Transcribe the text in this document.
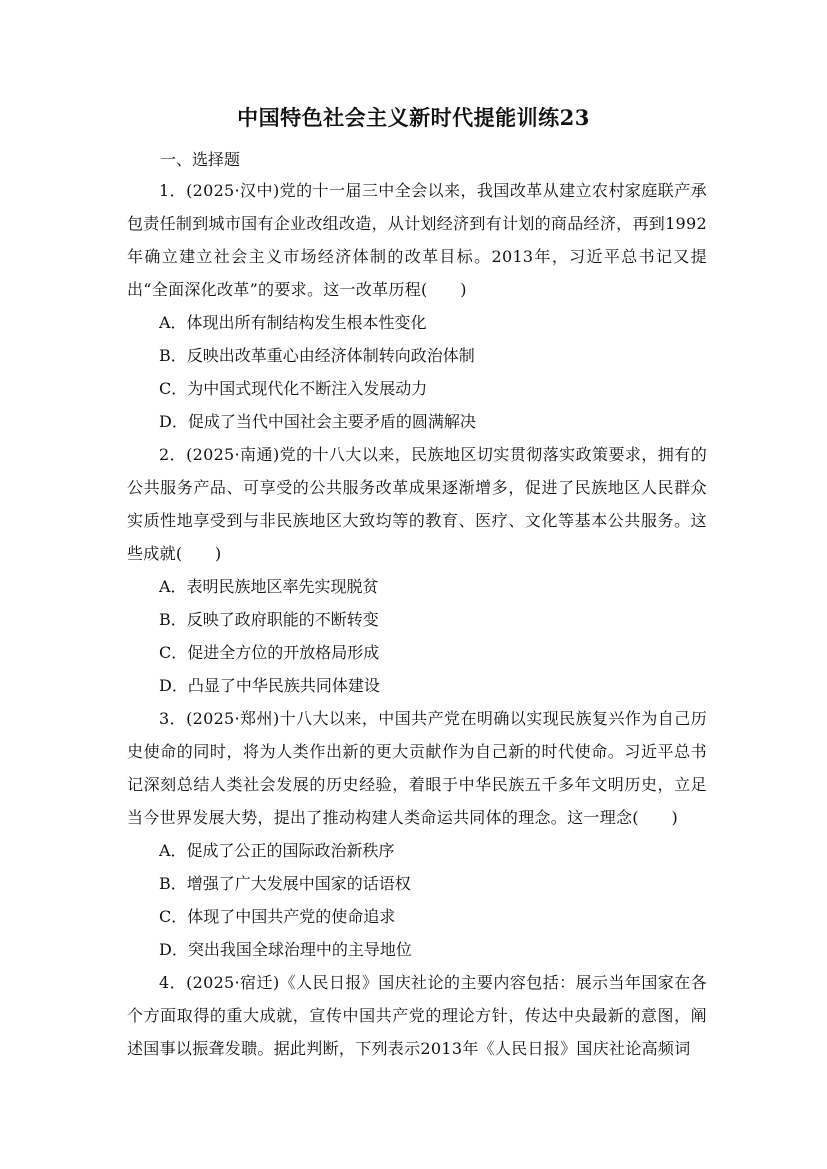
中国特色社会主义新时代提能训练23
一、选择题

1．(2025·汉中)党的十一届三中全会以来，我国改革从建立农村家庭联产承包责任制到城市国有企业改组改造，从计划经济到有计划的商品经济，再到1992年确立建立社会主义市场经济体制的改革目标。2013年，习近平总书记又提出“全面深化改革”的要求。这一改革历程(　　)

A．体现出所有制结构发生根本性变化

B．反映出改革重心由经济体制转向政治体制

C．为中国式现代化不断注入发展动力

D．促成了当代中国社会主要矛盾的圆满解决

2．(2025·南通)党的十八大以来，民族地区切实贯彻落实政策要求，拥有的公共服务产品、可享受的公共服务改革成果逐渐增多，促进了民族地区人民群众实质性地享受到与非民族地区大致均等的教育、医疗、文化等基本公共服务。这些成就(　　)

A．表明民族地区率先实现脱贫

B．反映了政府职能的不断转变

C．促进全方位的开放格局形成

D．凸显了中华民族共同体建设

3．(2025·郑州)十八大以来，中国共产党在明确以实现民族复兴作为自己历史使命的同时，将为人类作出新的更大贡献作为自己新的时代使命。习近平总书记深刻总结人类社会发展的历史经验，着眼于中华民族五千多年文明历史，立足当今世界发展大势，提出了推动构建人类命运共同体的理念。这一理念(　　)

A．促成了公正的国际政治新秩序

B．增强了广大发展中国家的话语权

C．体现了中国共产党的使命追求

D．突出我国全球治理中的主导地位

4．(2025·宿迁)《人民日报》国庆社论的主要内容包括：展示当年国家在各个方面取得的重大成就，宣传中国共产党的理论方针，传达中央最新的意图，阐述国事以振聋发聩。据此判断，下列表示2013年《人民日报》国庆社论高频词
